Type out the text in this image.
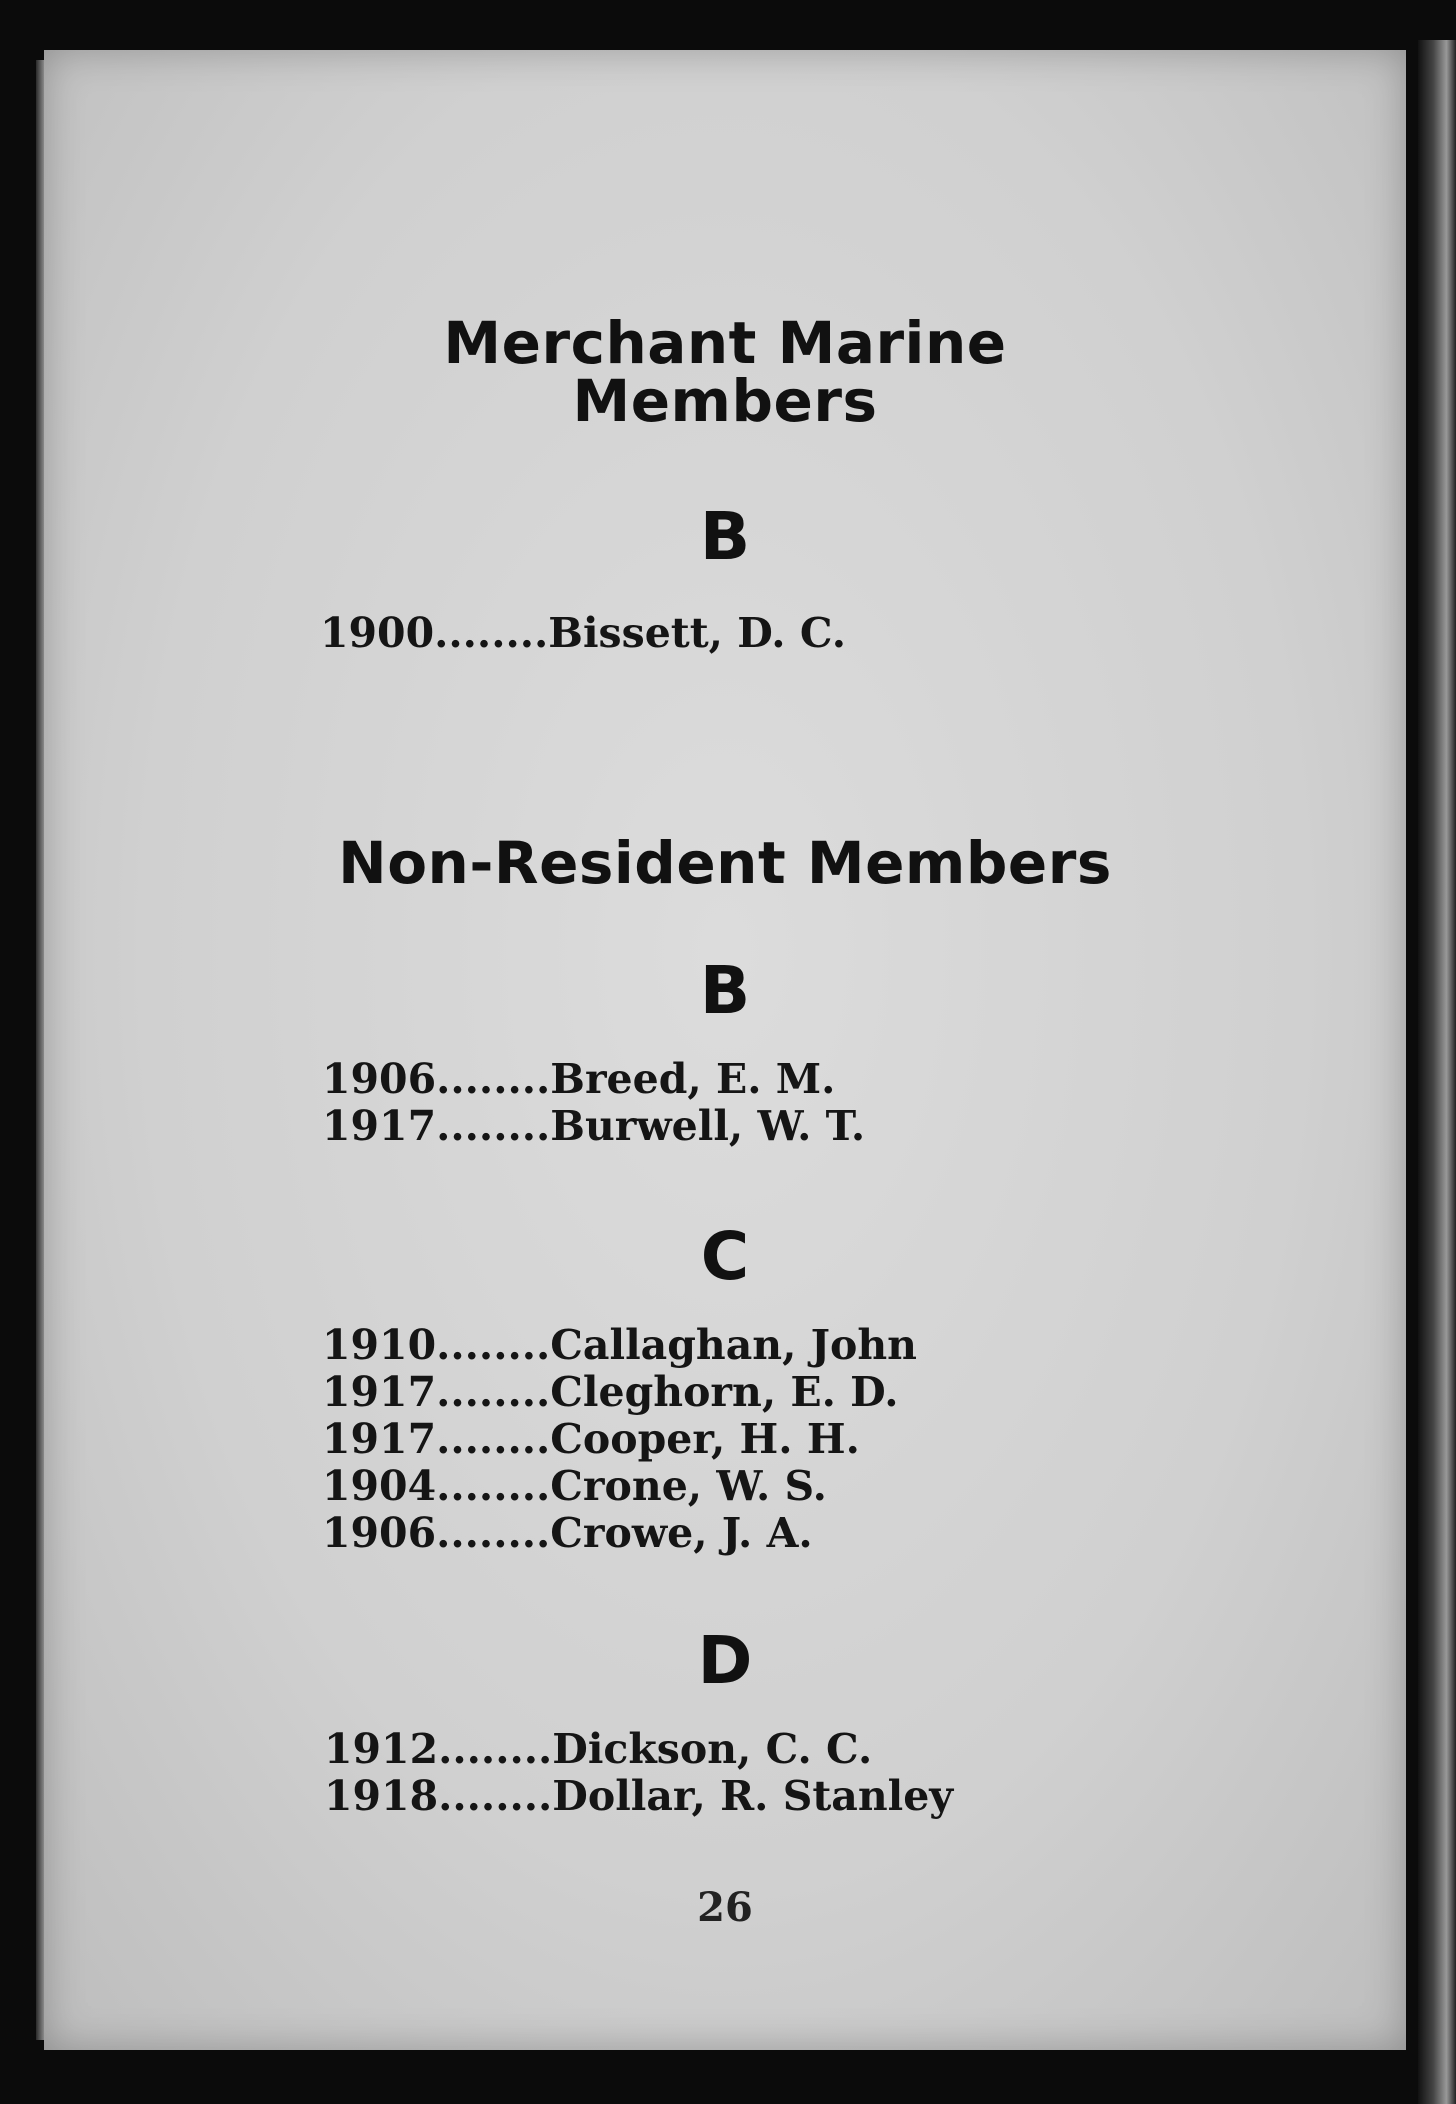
Merchant Marine
Members
B
1900........Bissett, D. C.
Non-Resident Members
B
1906........Breed, E. M.
1917........Burwell, W. T.
C
1910........Callaghan, John
1917........Cleghorn, E. D.
1917........Cooper, H. H.
1904........Crone, W. S.
1906........Crowe, J. A.
D
1912........Dickson, C. C.
1918........Dollar, R. Stanley
26
